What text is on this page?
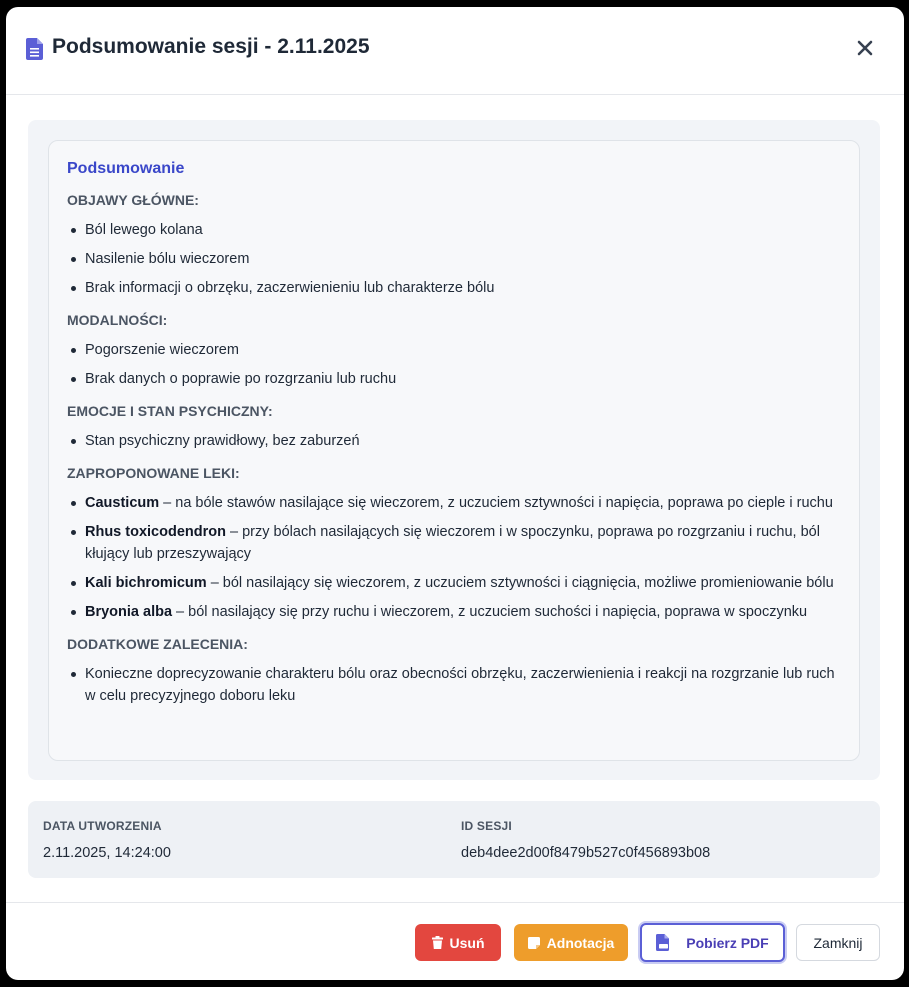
Podsumowanie sesji - 2.11.2025
Podsumowanie
OBJAWY GŁÓWNE:
Ból lewego kolana
Nasilenie bólu wieczorem
Brak informacji o obrzęku, zaczerwienieniu lub charakterze bólu
MODALNOŚCI:
Pogorszenie wieczorem
Brak danych o poprawie po rozgrzaniu lub ruchu
EMOCJE I STAN PSYCHICZNY:
Stan psychiczny prawidłowy, bez zaburzeń
ZAPROPONOWANE LEKI:
Causticum – na bóle stawów nasilające się wieczorem, z uczuciem sztywności i napięcia, poprawa po cieple i ruchu
Rhus toxicodendron – przy bólach nasilających się wieczorem i w spoczynku, poprawa po rozgrzaniu i ruchu, ból kłujący lub przeszywający
Kali bichromicum – ból nasilający się wieczorem, z uczuciem sztywności i ciągnięcia, możliwe promieniowanie bólu
Bryonia alba – ból nasilający się przy ruchu i wieczorem, z uczuciem suchości i napięcia, poprawa w spoczynku
DODATKOWE ZALECENIA:
Konieczne doprecyzowanie charakteru bólu oraz obecności obrzęku, zaczerwienienia i reakcji na rozgrzanie lub ruch w celu precyzyjnego doboru leku
DATA UTWORZENIA
2.11.2025, 14:24:00
ID SESJI
deb4dee2d00f8479b527c0f456893b08
Usuń	Adnotacja	Pobierz PDF	Zamknij
